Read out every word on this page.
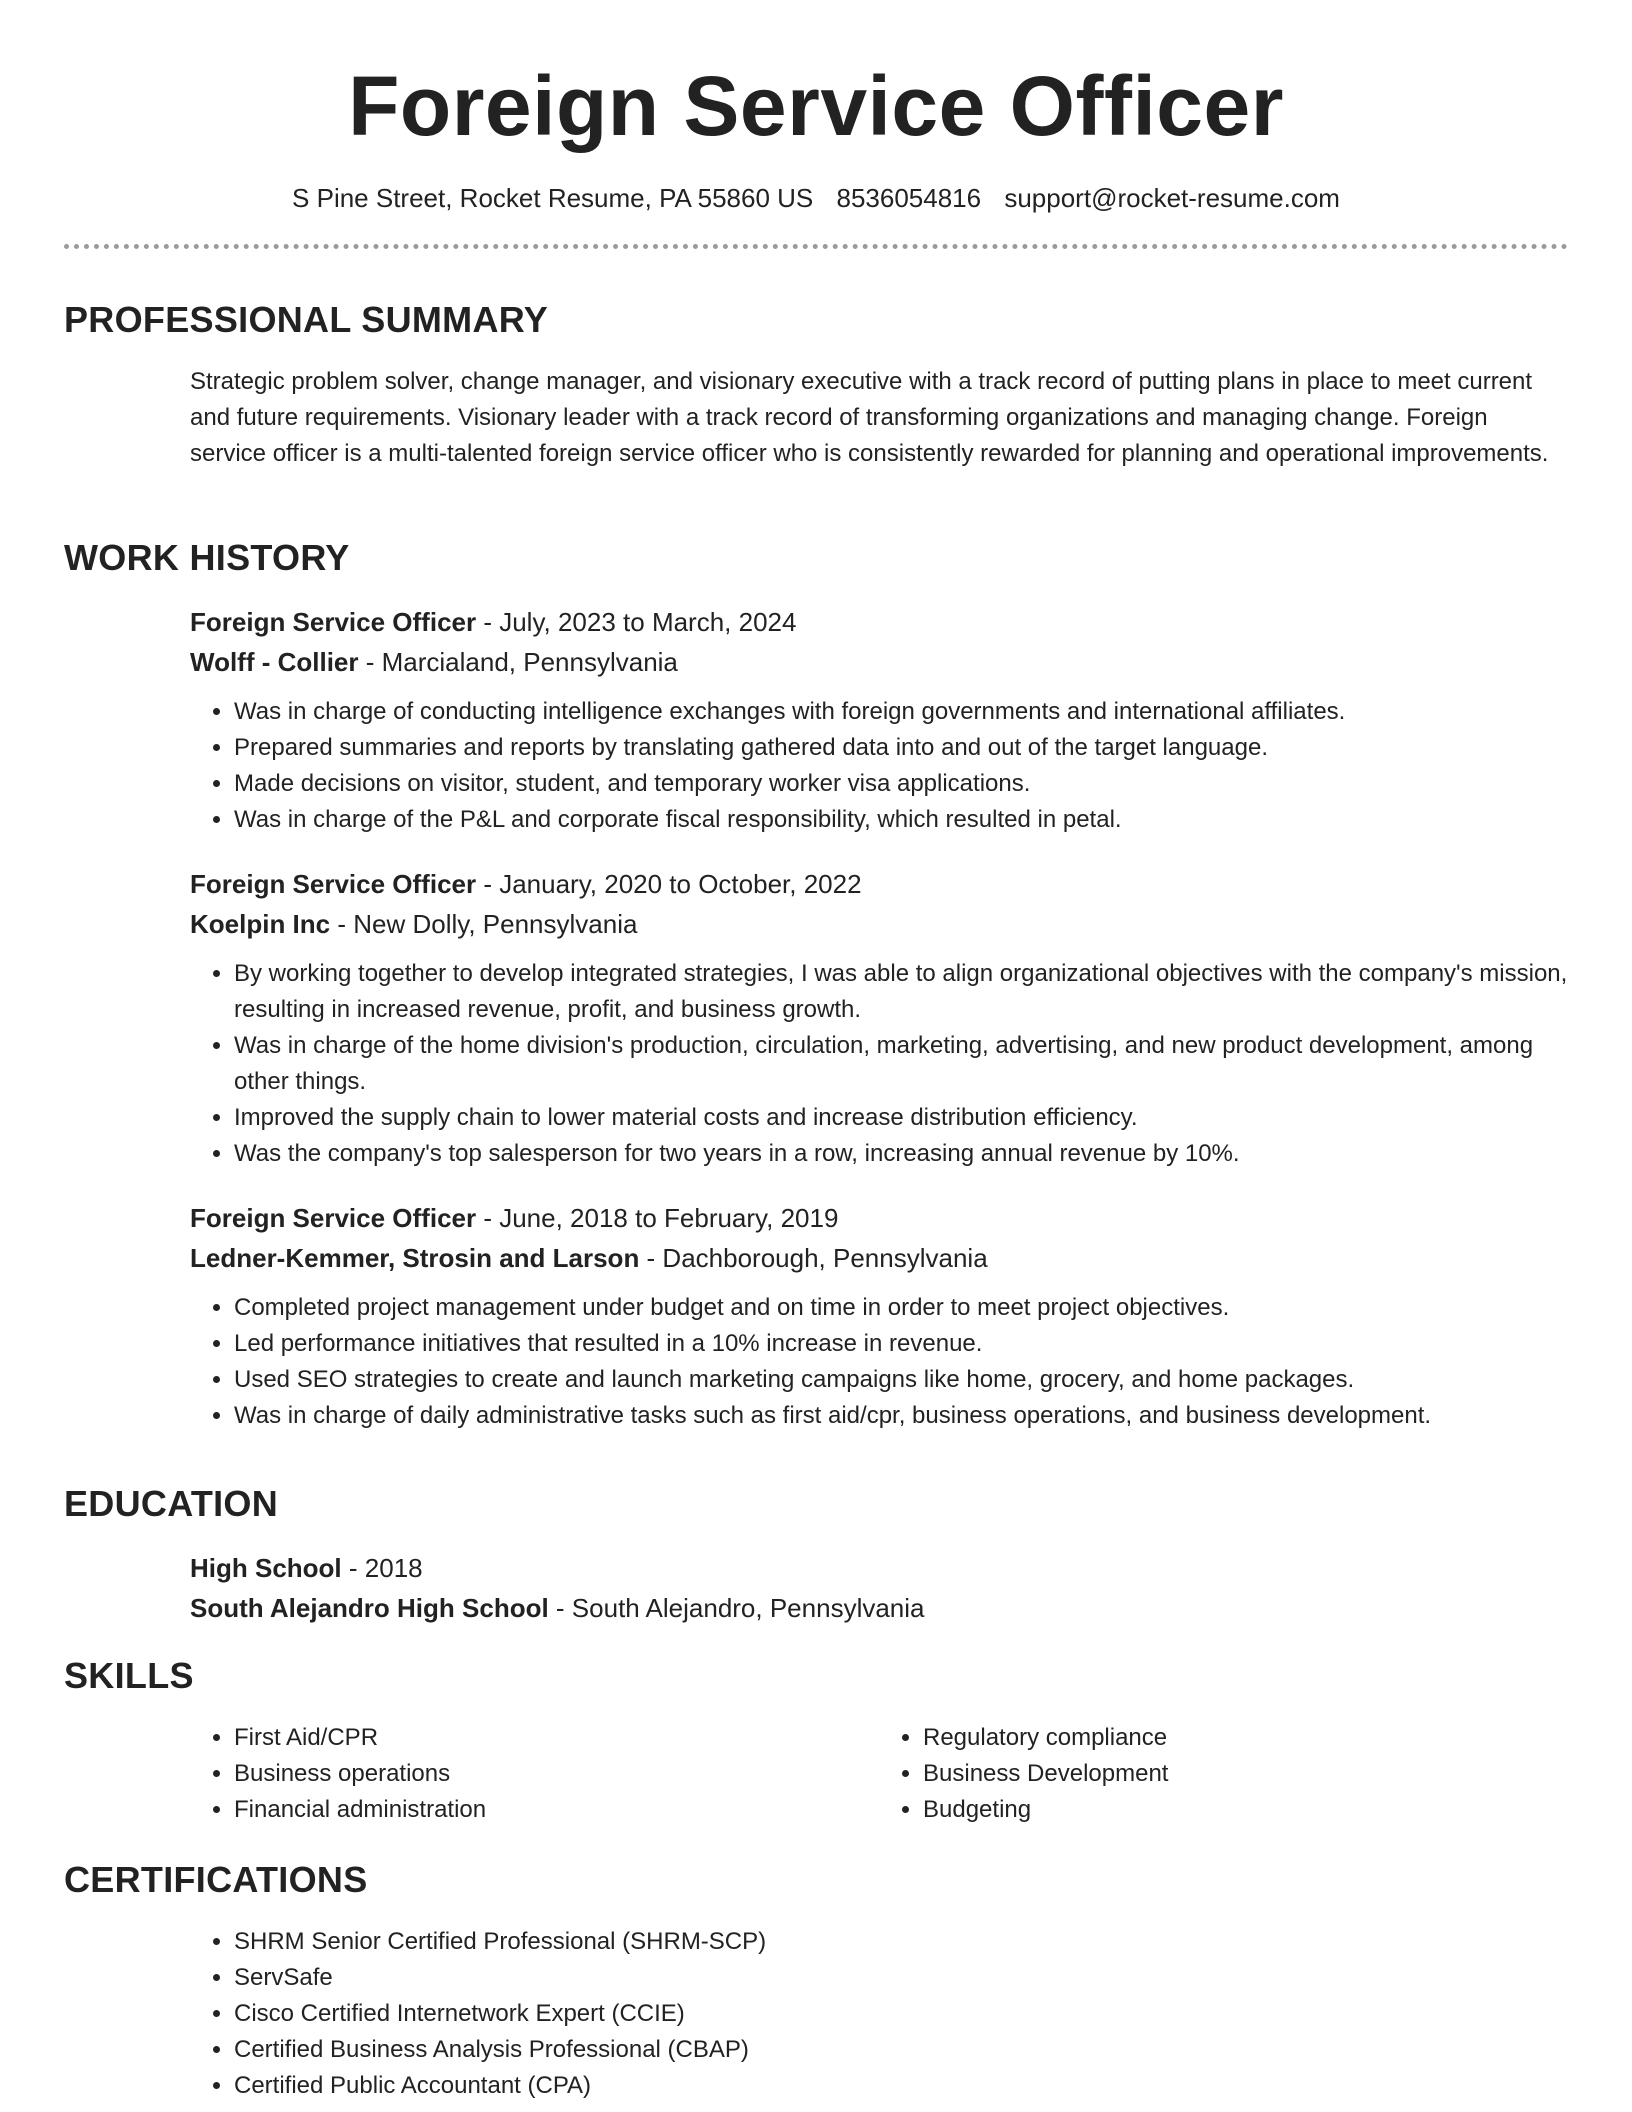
Foreign Service Officer
S Pine Street, Rocket Resume, PA 55860 US 8536054816 support@rocket-resume.com
PROFESSIONAL SUMMARY

Strategic problem solver, change manager, and visionary executive with a track record of putting plans in place to meet current and future requirements. Visionary leader with a track record of transforming organizations and managing change. Foreign service officer is a multi-talented foreign service officer who is consistently rewarded for planning and operational improvements.

WORK HISTORY

Foreign Service Officer - July, 2023 to March, 2024

Wolff - Collier - Marcialand, Pennsylvania

• Was in charge of conducting intelligence exchanges with foreign governments and international affiliates.
• Prepared summaries and reports by translating gathered data into and out of the target language.
• Made decisions on visitor, student, and temporary worker visa applications.
• Was in charge of the P&L and corporate fiscal responsibility, which resulted in petal.

Foreign Service Officer - January, 2020 to October, 2022

Koelpin Inc - New Dolly, Pennsylvania

• By working together to develop integrated strategies, I was able to align organizational objectives with the company's mission, resulting in increased revenue, profit, and business growth.
• Was in charge of the home division's production, circulation, marketing, advertising, and new product development, among other things.
• Improved the supply chain to lower material costs and increase distribution efficiency.
• Was the company's top salesperson for two years in a row, increasing annual revenue by 10%.

Foreign Service Officer - June, 2018 to February, 2019

Ledner-Kemmer, Strosin and Larson - Dachborough, Pennsylvania

• Completed project management under budget and on time in order to meet project objectives.
• Led performance initiatives that resulted in a 10% increase in revenue.
• Used SEO strategies to create and launch marketing campaigns like home, grocery, and home packages.
• Was in charge of daily administrative tasks such as first aid/cpr, business operations, and business development.
EDUCATION

High School - 2018

South Alejandro High School - South Alejandro, Pennsylvania

SKILLS
• First Aid/CPR
• Business operations
• Financial administration
• Regulatory compliance
• Business Development
• Budgeting
CERTIFICATIONS
• SHRM Senior Certified Professional (SHRM-SCP)
• ServSafe
• Cisco Certified Internetwork Expert (CCIE)
• Certified Business Analysis Professional (CBAP)
• Certified Public Accountant (CPA)
